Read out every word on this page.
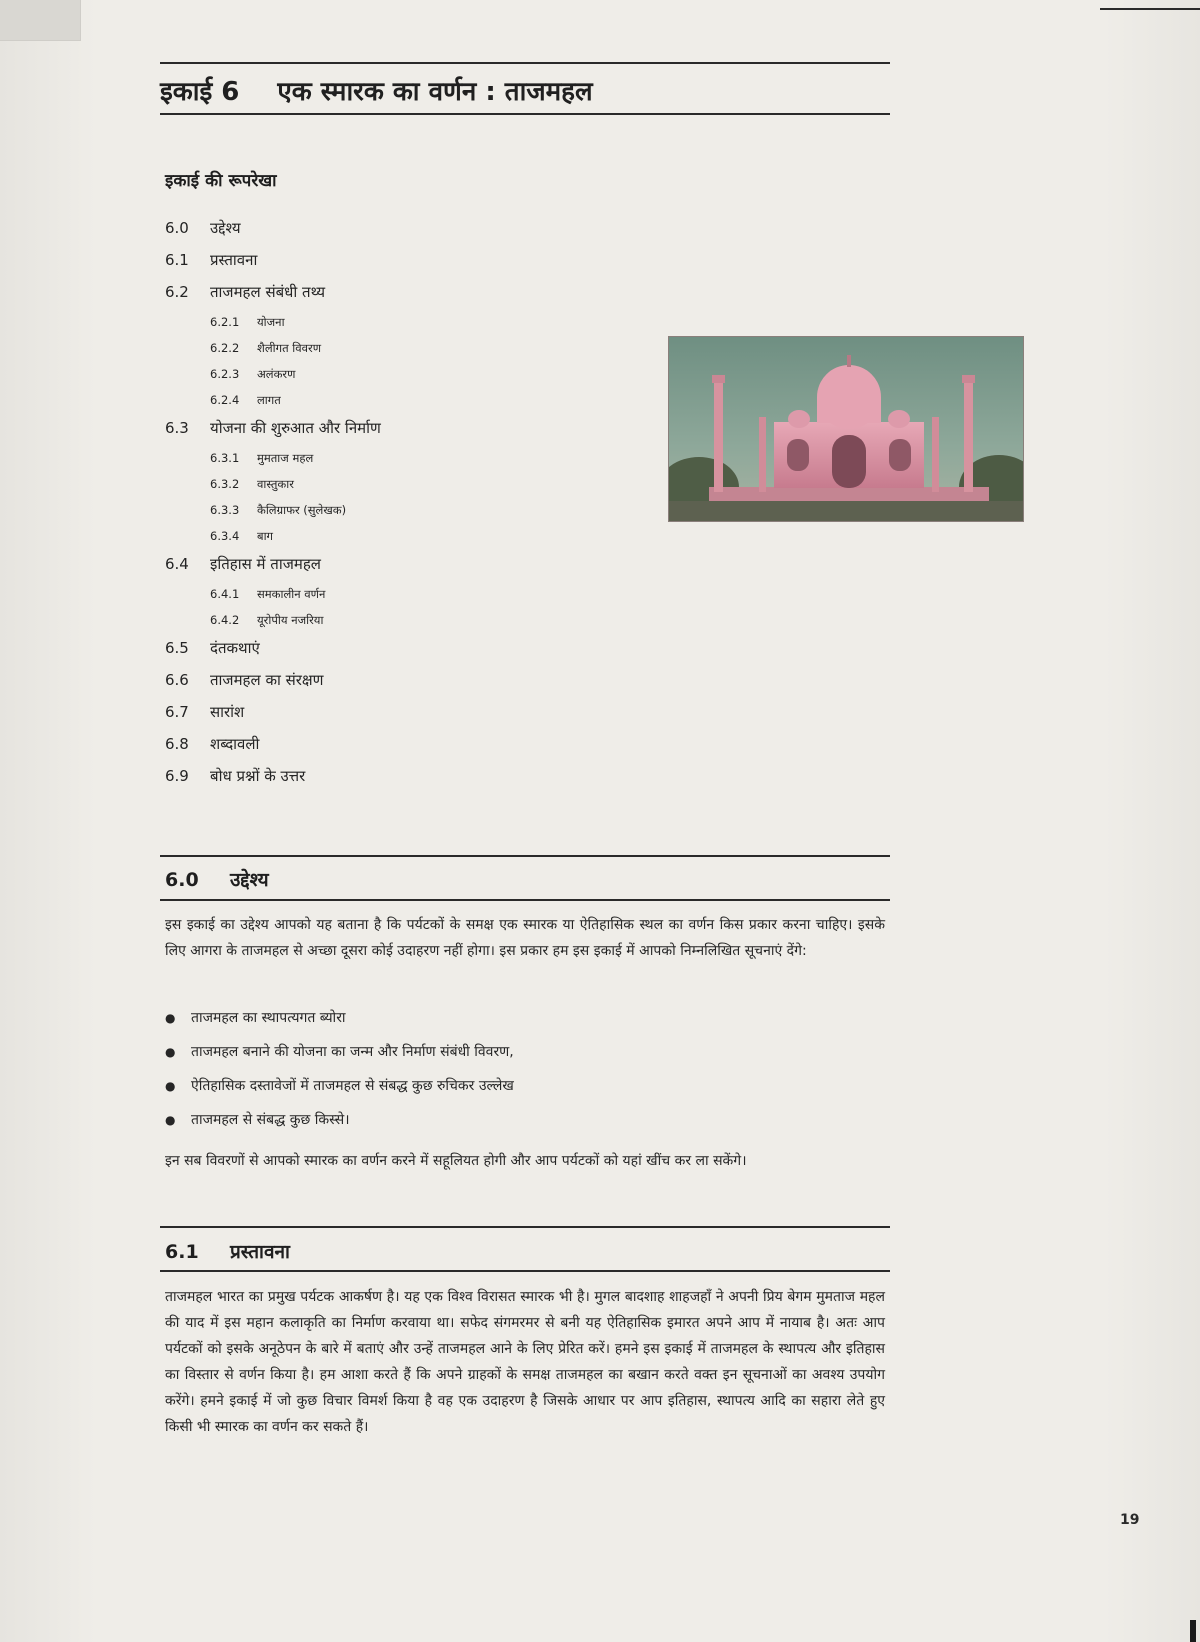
इकाई 6 एक स्मारक का वर्णन : ताजमहल
इकाई की रूपरेखा
6.0	उद्देश्य
6.1	प्रस्तावना
6.2	ताजमहल संबंधी तथ्य
6.2.1	योजना
6.2.2	शैलीगत विवरण
6.2.3	अलंकरण
6.2.4	लागत
6.3	योजना की शुरुआत और निर्माण
6.3.1	मुमताज महल
6.3.2	वास्तुकार
6.3.3	कैलिग्राफर (सुलेखक)
6.3.4	बाग
6.4	इतिहास में ताजमहल
6.4.1	समकालीन वर्णन
6.4.2	यूरोपीय नजरिया
6.5	दंतकथाएं
6.6	ताजमहल का संरक्षण
6.7	सारांश
6.8	शब्दावली
6.9	बोध प्रश्नों के उत्तर
6.0	उद्देश्य
इस इकाई का उद्देश्य आपको यह बताना है कि पर्यटकों के समक्ष एक स्मारक या ऐतिहासिक स्थल का वर्णन किस प्रकार करना चाहिए। इसके लिए आगरा के ताजमहल से अच्छा दूसरा कोई उदाहरण नहीं होगा। इस प्रकार हम इस इकाई में आपको निम्नलिखित सूचनाएं देंगे:
●	ताजमहल का स्थापत्यगत ब्योरा
●	ताजमहल बनाने की योजना का जन्म और निर्माण संबंधी विवरण,
●	ऐतिहासिक दस्तावेजों में ताजमहल से संबद्ध कुछ रुचिकर उल्लेख
●	ताजमहल से संबद्ध कुछ किस्से।
इन सब विवरणों से आपको स्मारक का वर्णन करने में सहूलियत होगी और आप पर्यटकों को यहां खींच कर ला सकेंगे।
6.1	प्रस्तावना
ताजमहल भारत का प्रमुख पर्यटक आकर्षण है। यह एक विश्व विरासत स्मारक भी है। मुगल बादशाह शाहजहाँ ने अपनी प्रिय बेगम मुमताज महल की याद में इस महान कलाकृति का निर्माण करवाया था। सफेद संगमरमर से बनी यह ऐतिहासिक इमारत अपने आप में नायाब है। अतः आप पर्यटकों को इसके अनूठेपन के बारे में बताएं और उन्हें ताजमहल आने के लिए प्रेरित करें। हमने इस इकाई में ताजमहल के स्थापत्य और इतिहास का विस्तार से वर्णन किया है। हम आशा करते हैं कि अपने ग्राहकों के समक्ष ताजमहल का बखान करते वक्त इन सूचनाओं का अवश्य उपयोग करेंगे। हमने इकाई में जो कुछ विचार विमर्श किया है वह एक उदाहरण है जिसके आधार पर आप इतिहास, स्थापत्य आदि का सहारा लेते हुए किसी भी स्मारक का वर्णन कर सकते हैं।
19
